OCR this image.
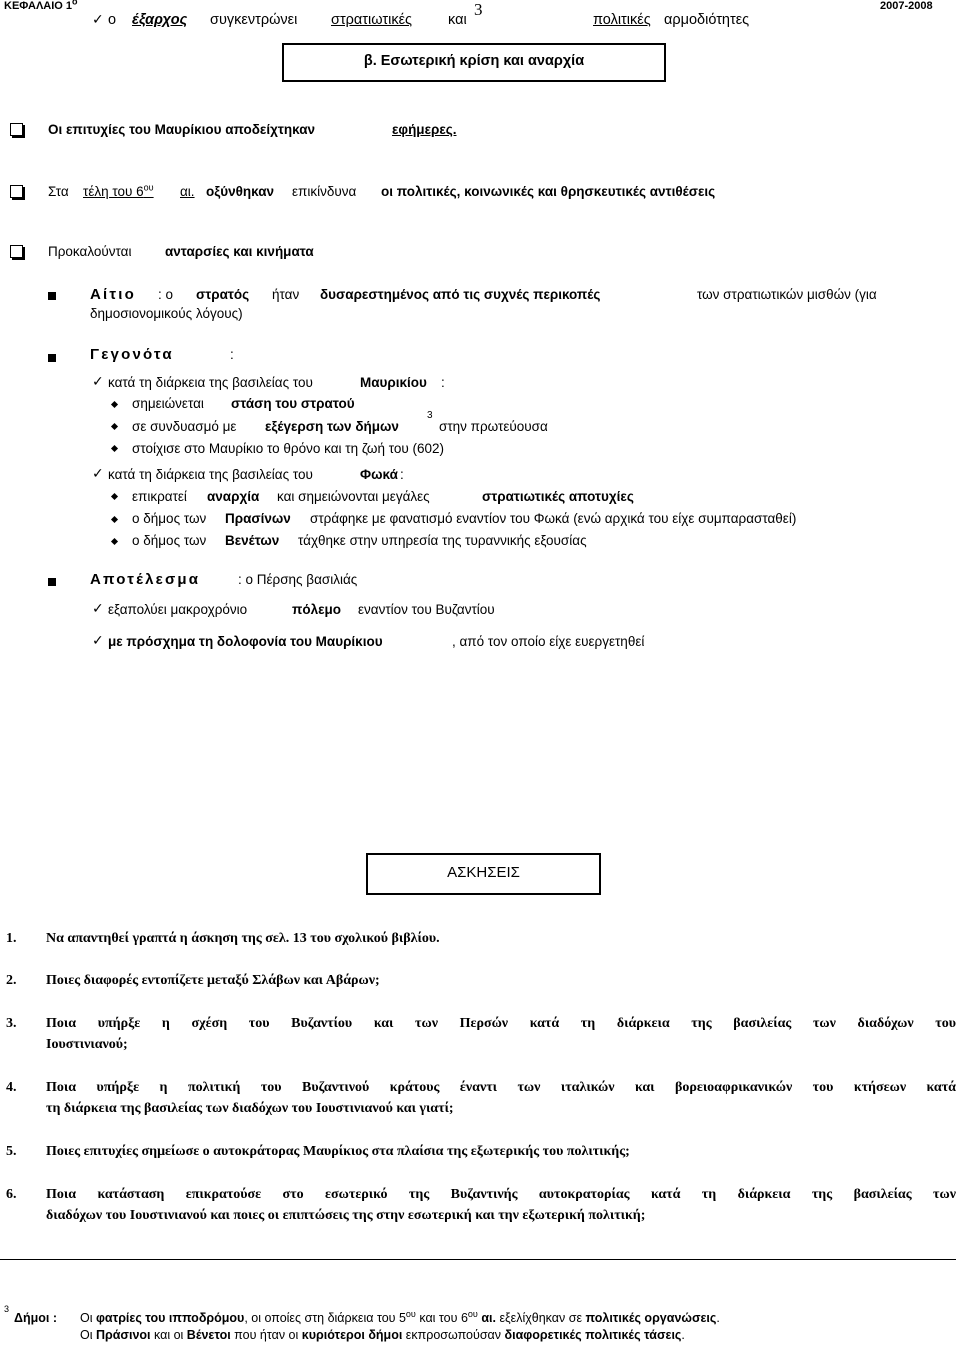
ΚΕΦΑΛΑΙΟ $1^o$	2007-2008
✓
ο έξαρχος συγκεντρώνει στρατιωτικές και
3
πολιτικές αρμοδιότητες
β. Εσωτερική κρίση και αναρχία
Οι επιτυχίες του Μαυρίκιου αποδείχτηκαν	εφήμερες.
Στα τέλη του $6^{o\upsilon}$ αι. οξύνθηκαν επικίνδυνα οι πολιτικές, κοινωνικές και θρησκευτικές αντιθέσεις
Προκαλούνται ανταρσίες και κινήματα
Αίτιο : ο στρατός ήταν δυσαρεστημένος από τις συχνές περικοπές	των στρατιωτικών μισθών (για
δημοσιονομικούς λόγους)
Γεγονότα	:
✓
κατά τη διάρκεια της βασιλείας του	Μαυρικίου :
σημειώνεται στάση του στρατού
σε συνδυασμό με εξέγερση των δήμων
3
στην πρωτεύουσα
στοίχισε στο Μαυρίκιο το θρόνο και τη ζωή του (602)
✓
κατά τη διάρκεια της βασιλείας του	Φωκά :
επικρατεί αναρχία και σημειώνονται μεγάλες	στρατιωτικές αποτυχίες
ο δήμος των Πρασίνων στράφηκε με φανατισμό εναντίον του Φωκά (ενώ αρχικά του είχε συμπαρασταθεί)
ο δήμος των Βενέτων τάχθηκε στην υπηρεσία της τυραννικής εξουσίας
Αποτέλεσμα	: ο Πέρσης βασιλιάς
✓
εξαπολύει μακροχρόνιο	πόλεμο εναντίον του Βυζαντίου
✓
με πρόσχημα τη δολοφονία του Μαυρίκιου	, από τον οποίο είχε ευεργετηθεί
ΑΣΚΗΣΕΙΣ
1. Να απαντηθεί γραπτά η άσκηση της σελ. 13 του σχολικού βιβλίου.
2. Ποιες διαφορές εντοπίζετε μεταξύ Σλάβων και Αβάρων;
3. Ποια υπήρξε η σχέση του Βυζαντίου και των Περσών κατά τη διάρκεια της βασιλείας των διαδόχων του
Ιουστινιανού;
4. Ποια υπήρξε η πολιτική του Βυζαντινού κράτους έναντι των ιταλικών και βορειοαφρικανικών του κτήσεων κατά
τη διάρκεια της βασιλείας των διαδόχων του Ιουστινιανού και γιατί;
5. Ποιες επιτυχίες σημείωσε ο αυτοκράτορας Μαυρίκιος στα πλαίσια της εξωτερικής του πολιτικής;
6. Ποια κατάσταση επικρατούσε στο εσωτερικό της Βυζαντινής αυτοκρατορίας κατά τη διάρκεια της βασιλείας των
διαδόχων του Ιουστινιανού και ποιες οι επιπτώσεις της στην εσωτερική και την εξωτερική πολιτική;
3
Δήμοι : Οι φατρίες του ιπποδρόμου, οι οποίες στη διάρκεια του $5^{o\upsilon}$ και του $6^{o\upsilon}$ αι. εξελίχθηκαν σε πολιτικές οργανώσεις.
Οι Πράσινοι και οι Βένετοι που ήταν οι κυριότεροι δήμοι εκπροσωπούσαν διαφορετικές πολιτικές τάσεις.
